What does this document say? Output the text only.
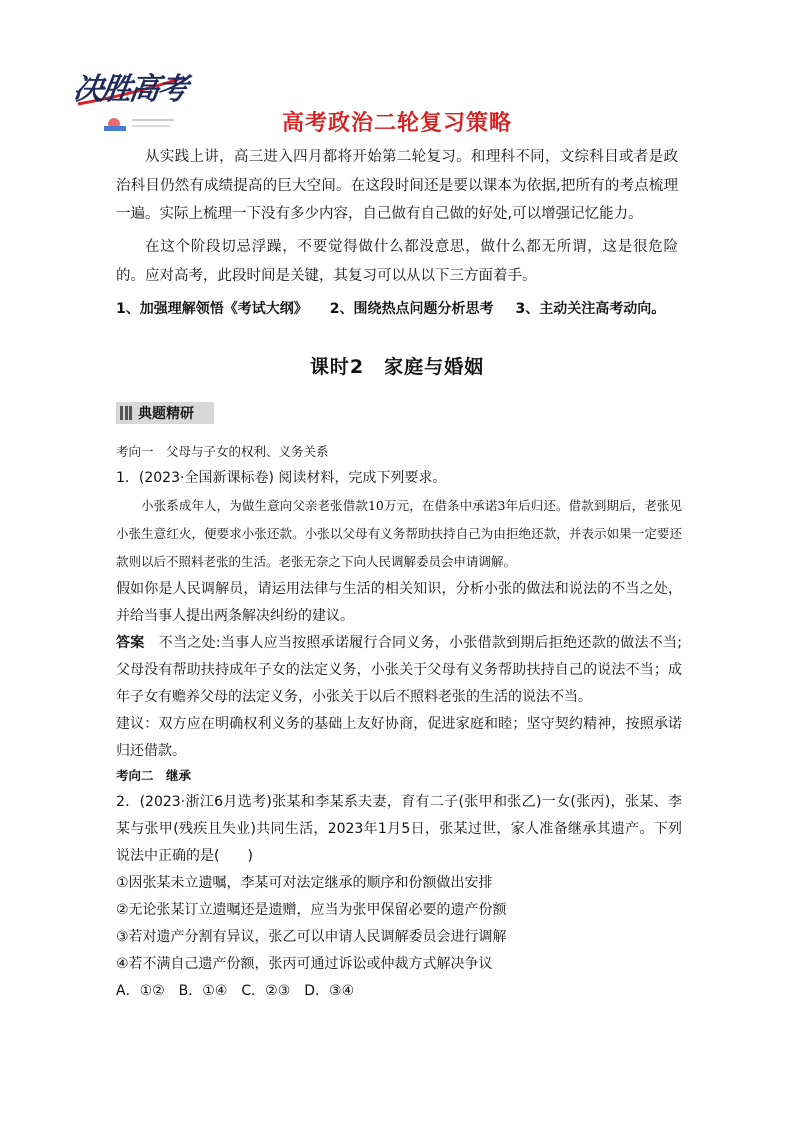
决胜高考
高考政治二轮复习策略

从实践上讲，高三进入四月都将开始第二轮复习。和理科不同，文综科目或者是政治科目仍然有成绩提高的巨大空间。在这段时间还是要以课本为依据,把所有的考点梳理一遍。实际上梳理一下没有多少内容，自己做有自己做的好处,可以增强记忆能力。

在这个阶段切忌浮躁，不要觉得做什么都没意思，做什么都无所谓，这是很危险的。应对高考，此段时间是关键，其复习可以从以下三方面着手。

1、加强理解领悟《考试大纲》 2、围绕热点问题分析思考 3、主动关注高考动向。
课时2　家庭与婚姻
典题精研

考向一　父母与子女的权利、义务关系

1．(2023·全国新课标卷) 阅读材料，完成下列要求。

小张系成年人，为做生意向父亲老张借款10万元，在借条中承诺3年后归还。借款到期后，老张见小张生意红火，便要求小张还款。小张以父母有义务帮助扶持自己为由拒绝还款，并表示如果一定要还款则以后不照料老张的生活。老张无奈之下向人民调解委员会申请调解。

假如你是人民调解员，请运用法律与生活的相关知识，分析小张的做法和说法的不当之处，并给当事人提出两条解决纠纷的建议。

答案　 不当之处:当事人应当按照承诺履行合同义务，小张借款到期后拒绝还款的做法不当;父母没有帮助扶持成年子女的法定义务，小张关于父母有义务帮助扶持自己的说法不当；成年子女有赡养父母的法定义务，小张关于以后不照料老张的生活的说法不当。

建议：双方应在明确权利义务的基础上友好协商，促进家庭和睦；坚守契约精神，按照承诺归还借款。

考向二　继承

2．(2023·浙江6月选考)张某和李某系夫妻，育有二子(张甲和张乙)一女(张丙)，张某、李某与张甲(残疾且失业)共同生活，2023年1月5日，张某过世，家人准备继承其遗产。下列说法中正确的是(　　)

①因张某未立遗嘱，李某可对法定继承的顺序和份额做出安排

②无论张某订立遗嘱还是遗赠，应当为张甲保留必要的遗产份额

③若对遗产分割有异议，张乙可以申请人民调解委员会进行调解

④若不满自己遗产份额，张丙可通过诉讼或仲裁方式解决争议

A．①②　B．①④　C．②③　D．③④
